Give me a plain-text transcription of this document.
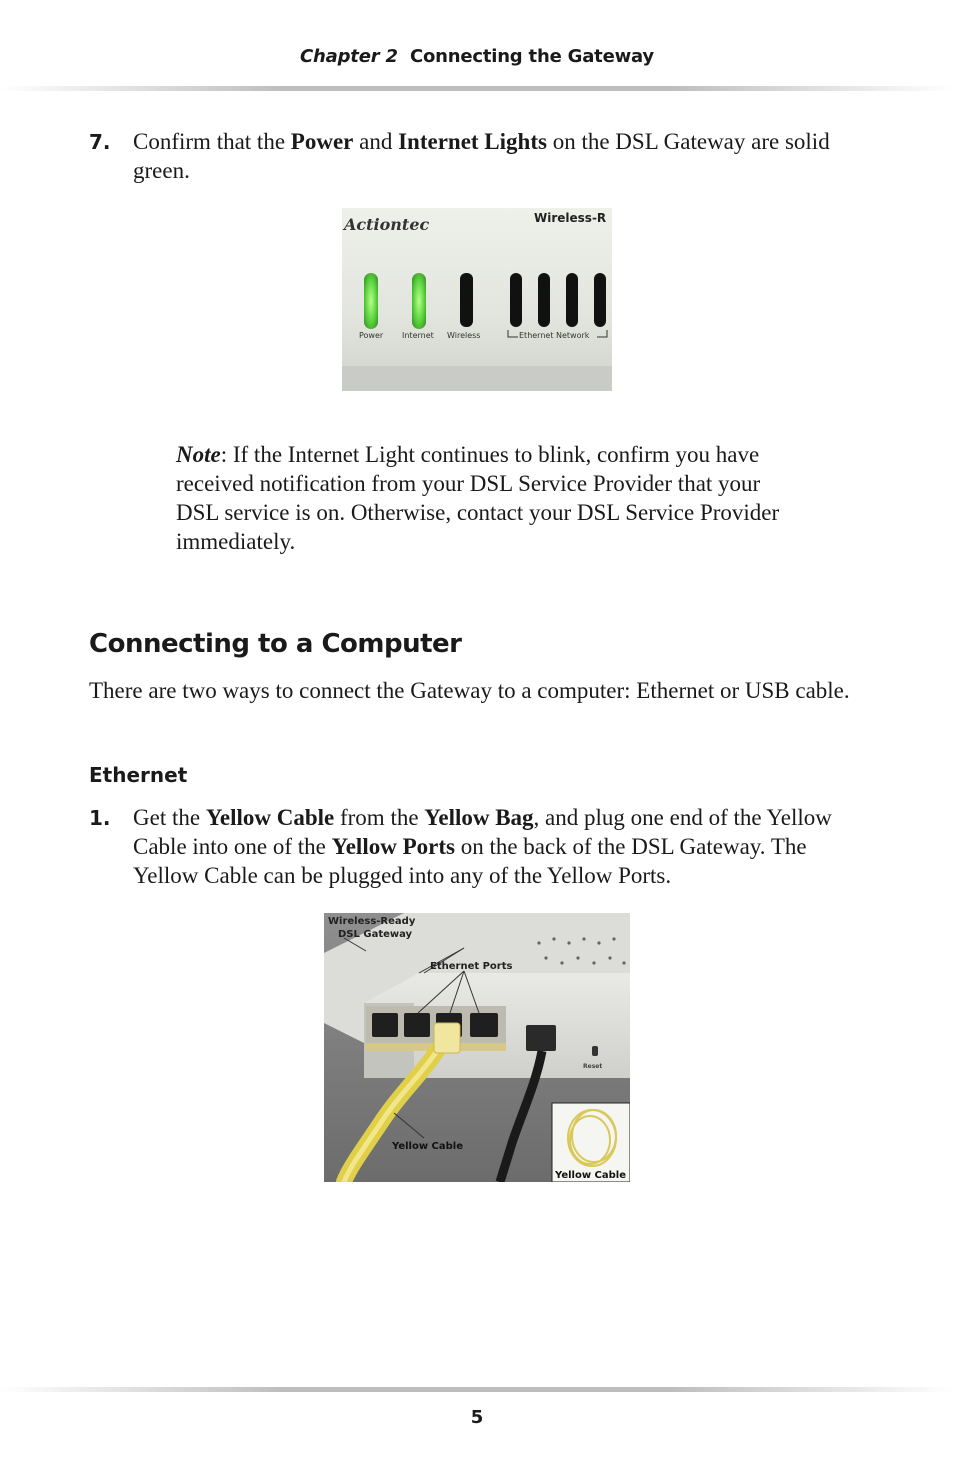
Chapter 2 Connecting the Gateway
7. Confirm that the Power and Internet Lights on the DSL Gateway are solid green.
Actiontec	Wireless-R
Power Internet Wireless	Ethernet Network
Note: If the Internet Light continues to blink, confirm you have received notification from your DSL Service Provider that your DSL service is on. Otherwise, contact your DSL Service Provider immediately.
Connecting to a Computer
There are two ways to connect the Gateway to a computer: Ethernet or USB cable.
Ethernet
1. Get the Yellow Cable from the Yellow Bag, and plug one end of the Yellow Cable into one of the Yellow Ports on the back of the DSL Gateway. The Yellow Cable can be plugged into any of the Yellow Ports.
Wireless-Ready
DSL Gateway
Ethernet Ports
Reset
Yellow Cable
Yellow Cable
5
